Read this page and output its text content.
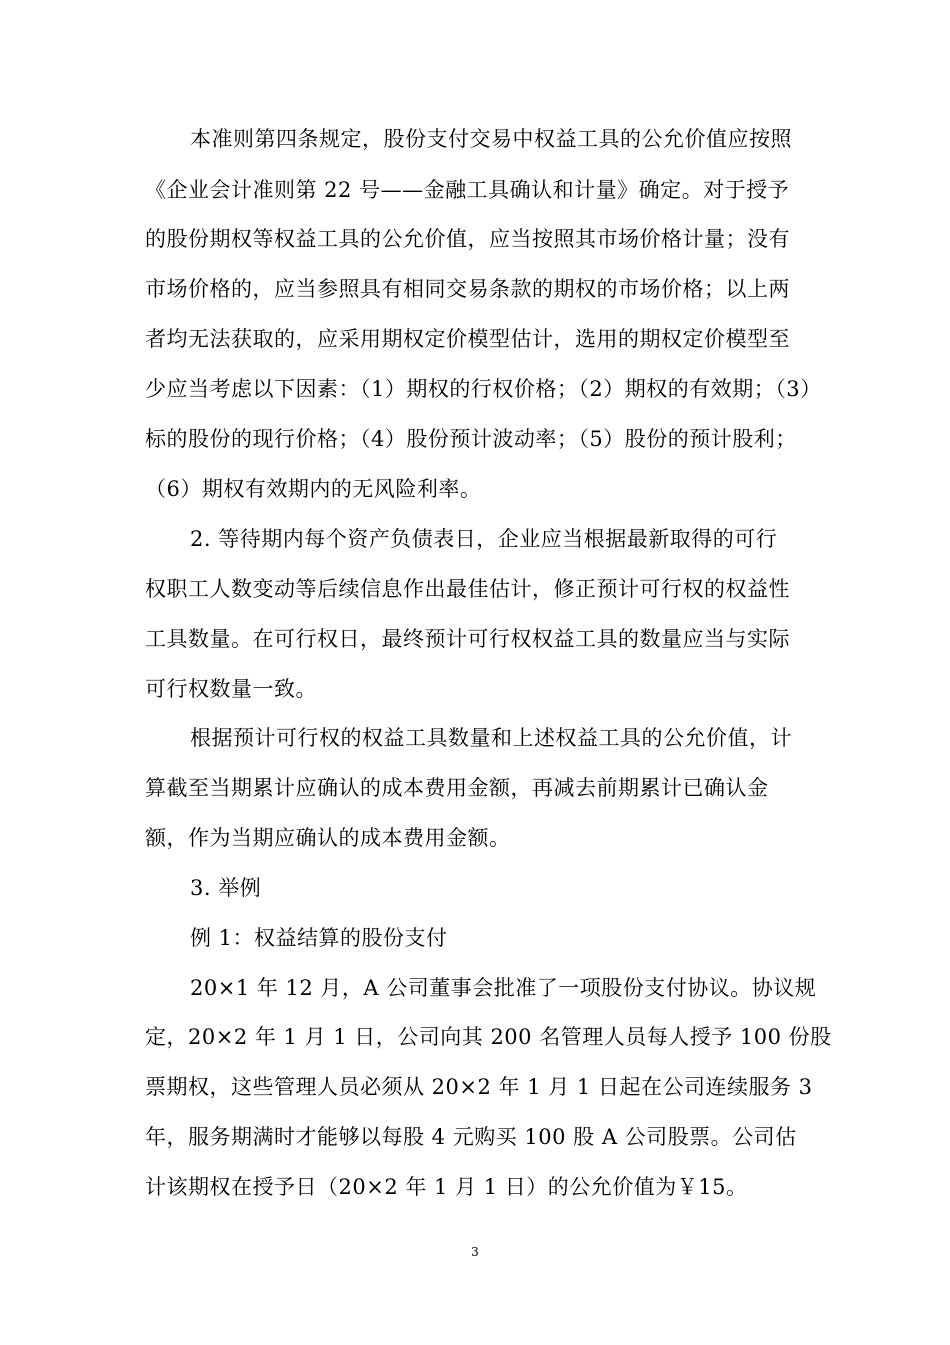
本准则第四条规定，股份支付交易中权益工具的公允价值应按照
《企业会计准则第 22 号——金融工具确认和计量》确定。对于授予
的股份期权等权益工具的公允价值，应当按照其市场价格计量；没有
市场价格的，应当参照具有相同交易条款的期权的市场价格；以上两
者均无法获取的，应采用期权定价模型估计，选用的期权定价模型至
少应当考虑以下因素：（1）期权的行权价格；（2）期权的有效期；（3）
标的股份的现行价格；（4）股份预计波动率；（5）股份的预计股利；
（6）期权有效期内的无风险利率。
2. 等待期内每个资产负债表日，企业应当根据最新取得的可行
权职工人数变动等后续信息作出最佳估计，修正预计可行权的权益性
工具数量。在可行权日，最终预计可行权权益工具的数量应当与实际
可行权数量一致。
根据预计可行权的权益工具数量和上述权益工具的公允价值，计
算截至当期累计应确认的成本费用金额，再减去前期累计已确认金
额，作为当期应确认的成本费用金额。
3. 举例
例 1：权益结算的股份支付
20×1 年 12 月，A 公司董事会批准了一项股份支付协议。协议规
定，20×2 年 1 月 1 日，公司向其 200 名管理人员每人授予 100 份股
票期权，这些管理人员必须从 20×2 年 1 月 1 日起在公司连续服务 3
年，服务期满时才能够以每股 4 元购买 100 股 A 公司股票。公司估
计该期权在授予日（20×2 年 1 月 1 日）的公允价值为￥15。
3
